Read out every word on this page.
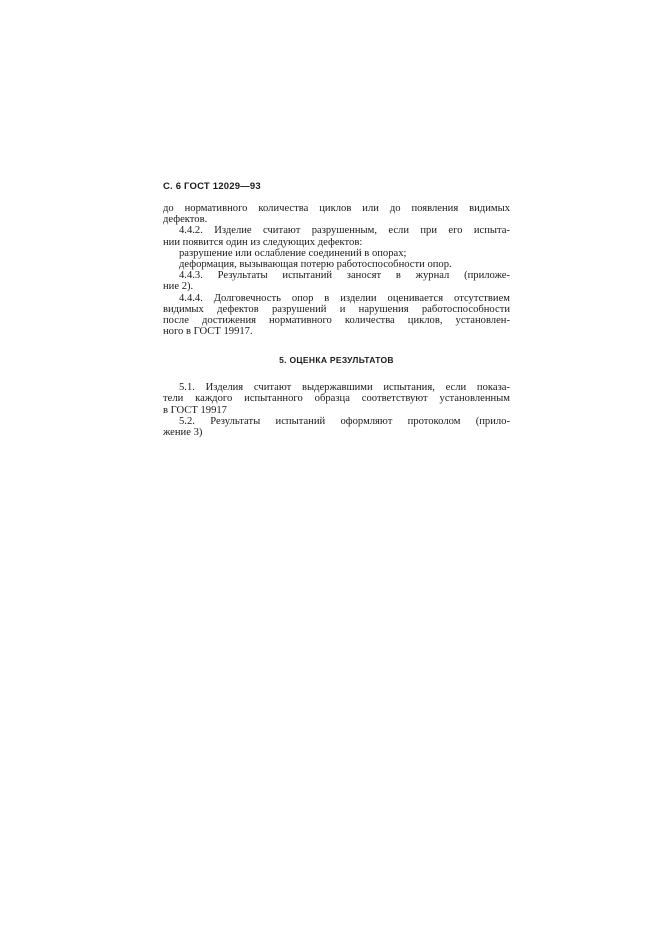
С. 6 ГОСТ 12029—93
до нормативного количества циклов или до появления видимых
дефектов.
4.4.2. Изделие считают разрушенным, если при его испыта-
нии появится один из следующих дефектов:
разрушение или ослабление соединений в опорах;
деформация, вызывающая потерю работоспособности опор.
4.4.3. Результаты испытаний заносят в журнал (приложе-
ние 2).
4.4.4. Долговечность опор в изделии оценивается отсутствием
видимых дефектов разрушений и нарушения работоспособности
после достижения нормативного количества циклов, установлен-
ного в ГОСТ 19917.
5. ОЦЕНКА РЕЗУЛЬТАТОВ
5.1. Изделия считают выдержавшими испытания, если показа-
тели каждого испытанного образца соответствуют установленным
в ГОСТ 19917
5.2. Результаты испытаний оформляют протоколом (прило-
жение 3)
